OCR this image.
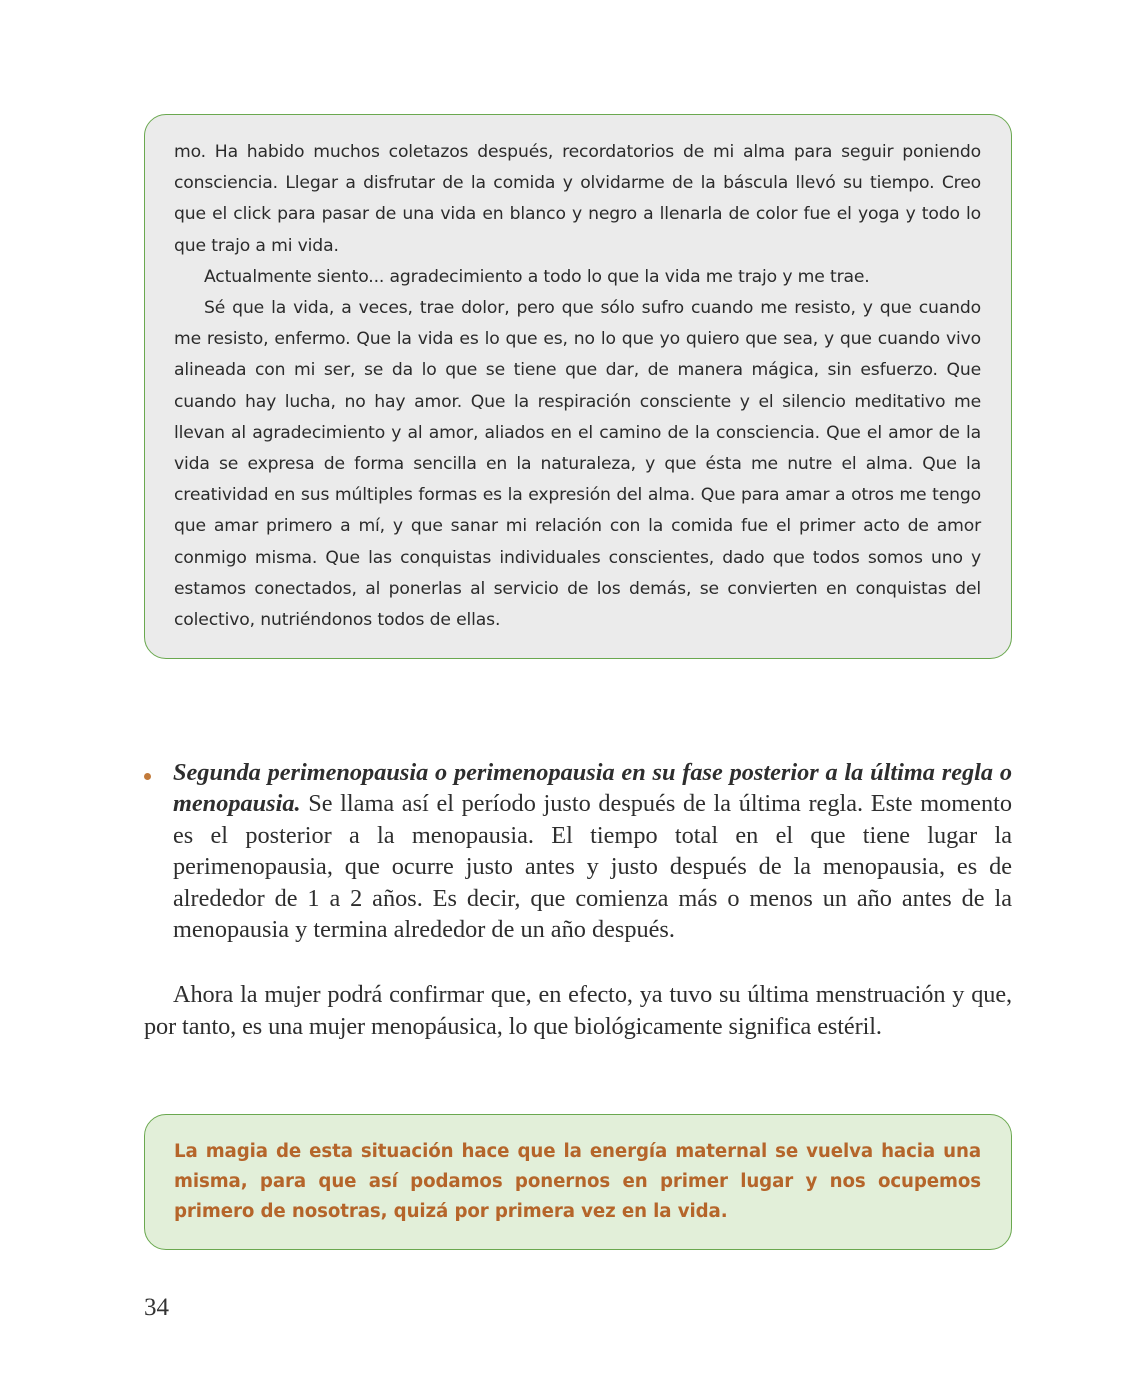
mo. Ha habido muchos coletazos después, recordatorios de mi alma para seguir poniendo consciencia. Llegar a disfrutar de la comida y olvidarme de la báscula llevó su tiempo. Creo que el click para pasar de una vida en blanco y negro a llenarla de color fue el yoga y todo lo que trajo a mi vida.

Actualmente siento... agradecimiento a todo lo que la vida me trajo y me trae.

Sé que la vida, a veces, trae dolor, pero que sólo sufro cuando me resisto, y que cuando me resisto, enfermo. Que la vida es lo que es, no lo que yo quiero que sea, y que cuando vivo alineada con mi ser, se da lo que se tiene que dar, de manera mágica, sin esfuerzo. Que cuando hay lucha, no hay amor. Que la respiración consciente y el silencio meditativo me llevan al agradecimiento y al amor, aliados en el camino de la consciencia. Que el amor de la vida se expresa de forma sencilla en la naturaleza, y que ésta me nutre el alma. Que la creatividad en sus múltiples formas es la expresión del alma. Que para amar a otros me tengo que amar primero a mí, y que sanar mi relación con la comida fue el primer acto de amor conmigo misma. Que las conquistas individuales conscientes, dado que todos somos uno y estamos conectados, al ponerlas al servicio de los demás, se convierten en conquistas del colectivo, nutriéndonos todos de ellas.

Segunda perimenopausia o perimenopausia en su fase posterior a la última regla o menopausia. Se llama así el período justo después de la última regla. Este momento es el posterior a la menopausia. El tiempo total en el que tiene lugar la perimenopausia, que ocurre justo antes y justo después de la menopausia, es de alrededor de 1 a 2 años. Es decir, que comienza más o menos un año antes de la menopausia y termina alrededor de un año después.

Ahora la mujer podrá confirmar que, en efecto, ya tuvo su última menstruación y que, por tanto, es una mujer menopáusica, lo que biológicamente significa estéril.

La magia de esta situación hace que la energía maternal se vuelva hacia una misma, para que así podamos ponernos en primer lugar y nos ocupemos primero de nosotras, quizá por primera vez en la vida.

34
